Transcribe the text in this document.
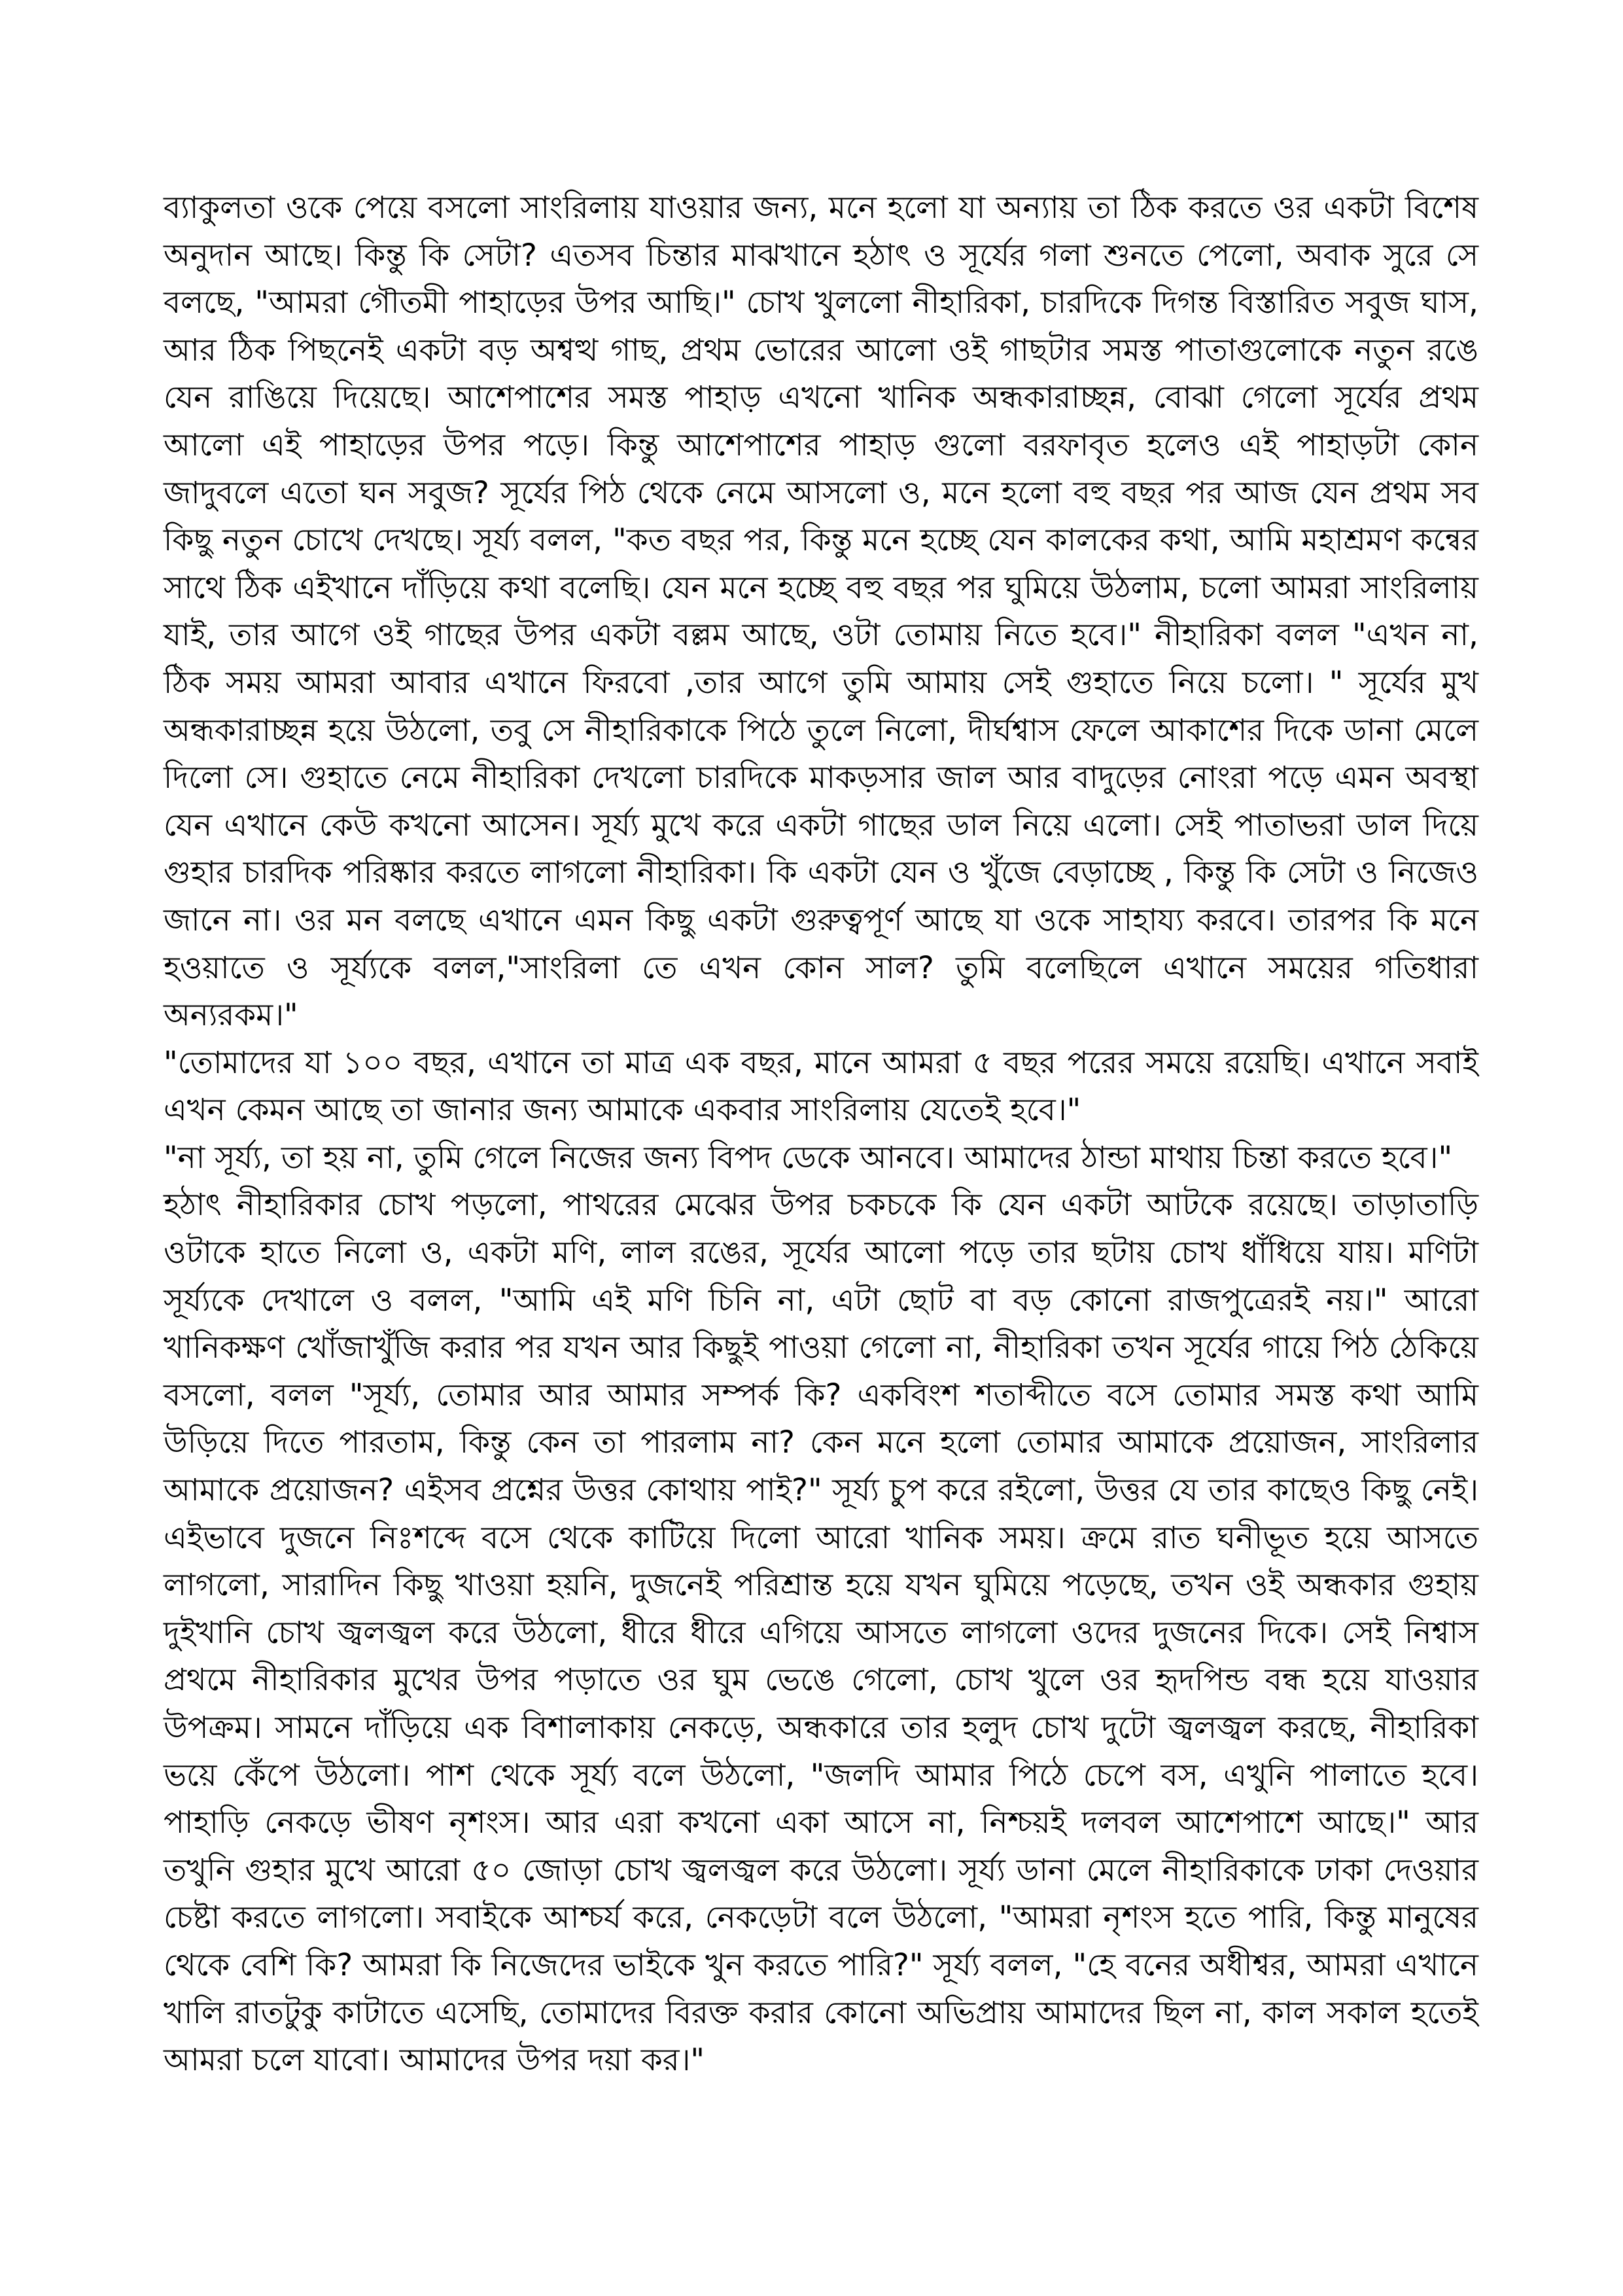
ব্যাকুলতা ওকে পেয়ে বসলো সাংরিলায় যাওয়ার জন্য, মনে হলো যা অন্যায় তা ঠিক করতে ওর একটা বিশেষ অনুদান আছে। কিন্তু কি সেটা? এতসব চিন্তার মাঝখানে হঠাৎ ও সূর্যের গলা শুনতে পেলো, অবাক সুরে সে বলছে, "আমরা গৌতমী পাহাড়ের উপর আছি।" চোখ খুললো নীহারিকা, চারদিকে দিগন্ত বিস্তারিত সবুজ ঘাস, আর ঠিক পিছনেই একটা বড় অশ্বত্থ গাছ, প্রথম ভোরের আলো ওই গাছটার সমস্ত পাতাগুলোকে নতুন রঙে যেন রাঙিয়ে দিয়েছে। আশেপাশের সমস্ত পাহাড় এখনো খানিক অন্ধকারাচ্ছন্ন, বোঝা গেলো সূর্যের প্রথম আলো এই পাহাড়ের উপর পড়ে। কিন্তু আশেপাশের পাহাড় গুলো বরফাবৃত হলেও এই পাহাড়টা কোন জাদুবলে এতো ঘন সবুজ? সূর্যের পিঠ থেকে নেমে আসলো ও, মনে হলো বহু বছর পর আজ যেন প্রথম সব কিছু নতুন চোখে দেখছে। সূর্য্য বলল, "কত বছর পর, কিন্তু মনে হচ্ছে যেন কালকের কথা, আমি মহাশ্রমণ কন্বের সাথে ঠিক এইখানে দাঁড়িয়ে কথা বলেছি। যেন মনে হচ্ছে বহু বছর পর ঘুমিয়ে উঠলাম, চলো আমরা সাংরিলায় যাই, তার আগে ওই গাছের উপর একটা বল্লম আছে, ওটা তোমায় নিতে হবে।" নীহারিকা বলল "এখন না, ঠিক সময় আমরা আবার এখানে ফিরবো ,তার আগে তুমি আমায় সেই গুহাতে নিয়ে চলো। " সূর্যের মুখ অন্ধকারাচ্ছন্ন হয়ে উঠলো, তবু সে নীহারিকাকে পিঠে তুলে নিলো, দীর্ঘশ্বাস ফেলে আকাশের দিকে ডানা মেলে দিলো সে। গুহাতে নেমে নীহারিকা দেখলো চারদিকে মাকড়সার জাল আর বাদুড়ের নোংরা পড়ে এমন অবস্থা যেন এখানে কেউ কখনো আসেন। সূর্য্য মুখে করে একটা গাছের ডাল নিয়ে এলো। সেই পাতাভরা ডাল দিয়ে গুহার চারদিক পরিষ্কার করতে লাগলো নীহারিকা। কি একটা যেন ও খুঁজে বেড়াচ্ছে , কিন্তু কি সেটা ও নিজেও জানে না। ওর মন বলছে এখানে এমন কিছু একটা গুরুত্বপূর্ণ আছে যা ওকে সাহায্য করবে। তারপর কি মনে হওয়াতে ও সূর্য্যকে বলল,"সাংরিলা তে এখন কোন সাল? তুমি বলেছিলে এখানে সময়ের গতিধারা অন্যরকম।"

"তোমাদের যা ১০০ বছর, এখানে তা মাত্র এক বছর, মানে আমরা ৫ বছর পরের সময়ে রয়েছি। এখানে সবাই এখন কেমন আছে তা জানার জন্য আমাকে একবার সাংরিলায় যেতেই হবে।"

"না সূর্য্য, তা হয় না, তুমি গেলে নিজের জন্য বিপদ ডেকে আনবে। আমাদের ঠান্ডা মাথায় চিন্তা করতে হবে।"

হঠাৎ নীহারিকার চোখ পড়লো, পাথরের মেঝের উপর চকচকে কি যেন একটা আটকে রয়েছে। তাড়াতাড়ি ওটাকে হাতে নিলো ও, একটা মণি, লাল রঙের, সূর্যের আলো পড়ে তার ছটায় চোখ ধাঁধিয়ে যায়। মণিটা সূর্য্যকে দেখালে ও বলল, "আমি এই মণি চিনি না, এটা ছোট বা বড় কোনো রাজপুত্রেরই নয়।" আরো খানিকক্ষণ খোঁজাখুঁজি করার পর যখন আর কিছুই পাওয়া গেলো না, নীহারিকা তখন সূর্যের গায়ে পিঠ ঠেকিয়ে বসলো, বলল "সূর্য্য, তোমার আর আমার সম্পর্ক কি? একবিংশ শতাব্দীতে বসে তোমার সমস্ত কথা আমি উড়িয়ে দিতে পারতাম, কিন্তু কেন তা পারলাম না? কেন মনে হলো তোমার আমাকে প্রয়োজন, সাংরিলার আমাকে প্রয়োজন? এইসব প্রশ্নের উত্তর কোথায় পাই?" সূর্য্য চুপ করে রইলো, উত্তর যে তার কাছেও কিছু নেই। এইভাবে দুজনে নিঃশব্দে বসে থেকে কাটিয়ে দিলো আরো খানিক সময়। ক্রমে রাত ঘনীভূত হয়ে আসতে লাগলো, সারাদিন কিছু খাওয়া হয়নি, দুজনেই পরিশ্রান্ত হয়ে যখন ঘুমিয়ে পড়েছে, তখন ওই অন্ধকার গুহায় দুইখানি চোখ জ্বলজ্বল করে উঠলো, ধীরে ধীরে এগিয়ে আসতে লাগলো ওদের দুজনের দিকে। সেই নিশ্বাস প্রথমে নীহারিকার মুখের উপর পড়াতে ওর ঘুম ভেঙে গেলো, চোখ খুলে ওর হৃদপিন্ড বন্ধ হয়ে যাওয়ার উপক্রম। সামনে দাঁড়িয়ে এক বিশালাকায় নেকড়ে, অন্ধকারে তার হলুদ চোখ দুটো জ্বলজ্বল করছে, নীহারিকা ভয়ে কেঁপে উঠলো। পাশ থেকে সূর্য্য বলে উঠলো, "জলদি আমার পিঠে চেপে বস, এখুনি পালাতে হবে। পাহাড়ি নেকড়ে ভীষণ নৃশংস। আর এরা কখনো একা আসে না, নিশ্চয়ই দলবল আশেপাশে আছে।" আর তখুনি গুহার মুখে আরো ৫০ জোড়া চোখ জ্বলজ্বল করে উঠলো। সূর্য্য ডানা মেলে নীহারিকাকে ঢাকা দেওয়ার চেষ্টা করতে লাগলো। সবাইকে আশ্চর্য করে, নেকড়েটা বলে উঠলো, "আমরা নৃশংস হতে পারি, কিন্তু মানুষের থেকে বেশি কি? আমরা কি নিজেদের ভাইকে খুন করতে পারি?" সূর্য্য বলল, "হে বনের অধীশ্বর, আমরা এখানে খালি রাতটুকু কাটাতে এসেছি, তোমাদের বিরক্ত করার কোনো অভিপ্রায় আমাদের ছিল না, কাল সকাল হতেই আমরা চলে যাবো। আমাদের উপর দয়া কর।"
